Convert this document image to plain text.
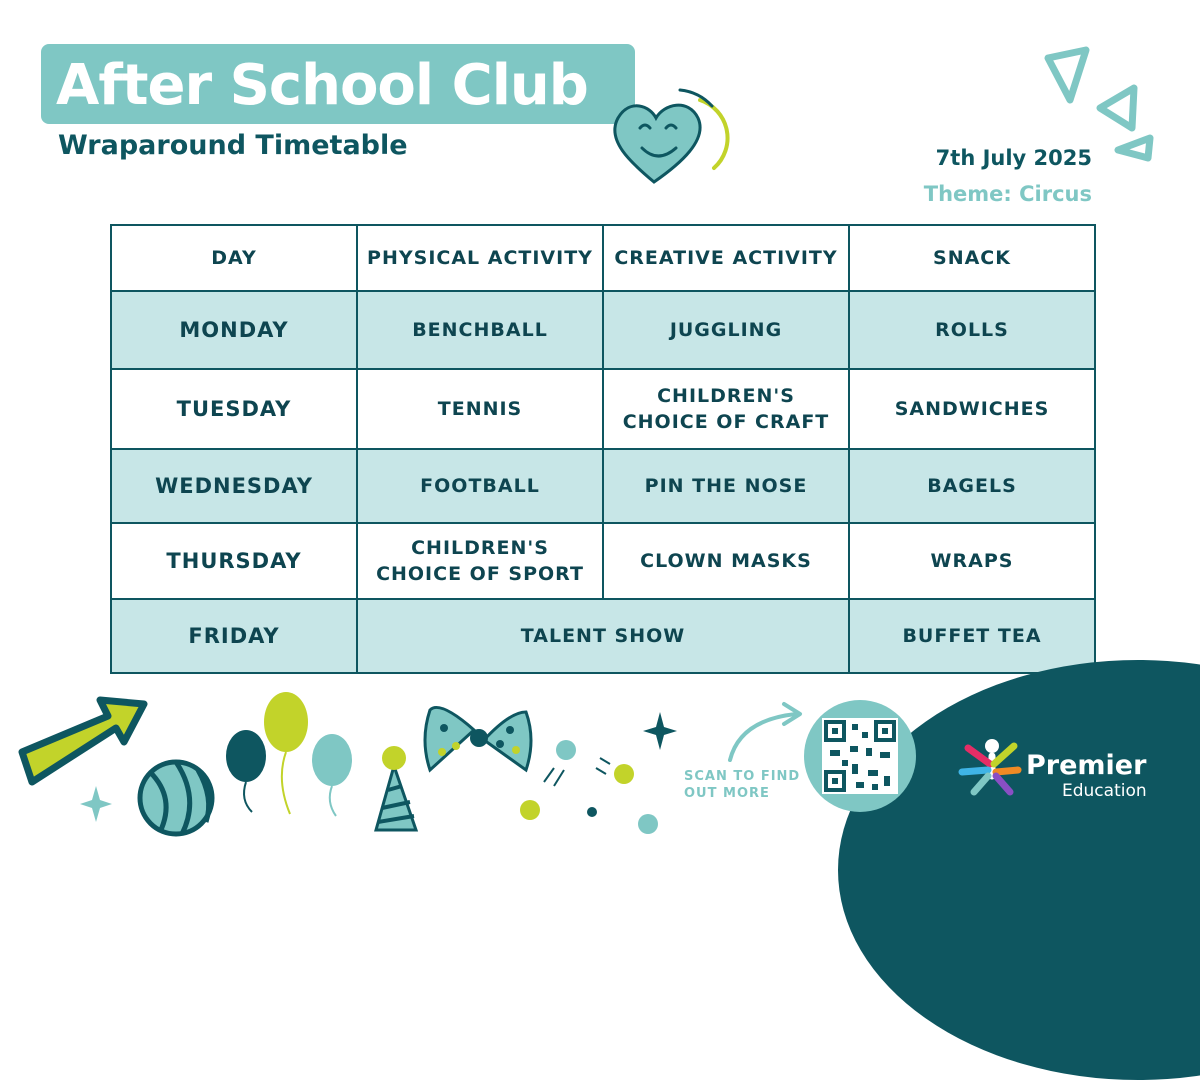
After School Club
Wraparound Timetable	7th July 2025
Theme: Circus
DAY	PHYSICAL ACTIVITY	CREATIVE ACTIVITY	SNACK
MONDAY	BENCHBALL	JUGGLING	ROLLS
TUESDAY	TENNIS	CHILDREN'S CHOICE OF CRAFT	SANDWICHES
WEDNESDAY	FOOTBALL	PIN THE NOSE	BAGELS
THURSDAY	CHILDREN'S CHOICE OF SPORT	CLOWN MASKS	WRAPS
FRIDAY	TALENT SHOW		BUFFET TEA
SCAN TO FIND OUT MORE
Premier
Education
